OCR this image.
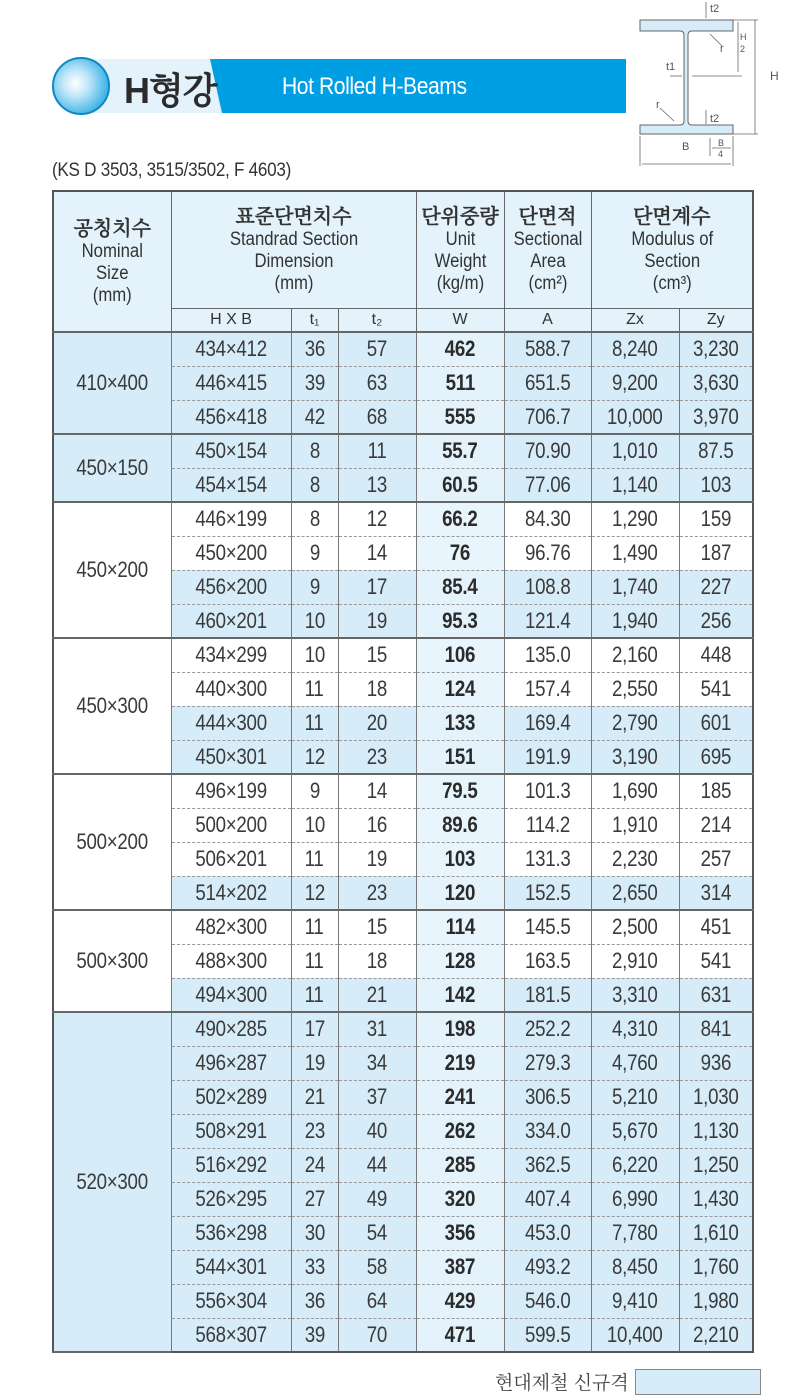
H형강	Hot Rolled H-Beams
t2
t1
r
r
H
2
H
t2
B	B
4
(KS D 3503, 3515/3502, F 4603)
공칭치수
Nominal
Size
(mm)	표준단면치수
Standrad Section
Dimension
(mm)			단위중량
Unit
Weight
(kg/m)	단면적
Sectional
Area
(cm²)	단면계수
Modulus of
Section
(cm³)	

	H X B	t₁	t₂	W	A	Zx	Zy
410×400	434×412	36	57	462	588.7	8,240	3,230
	446×415	39	63	511	651.5	9,200	3,630
	456×418	42	68	555	706.7	10,000	3,970
450×150	450×154	8	11	55.7	70.90	1,010	87.5
	454×154	8	13	60.5	77.06	1,140	103
450×200	446×199	8	12	66.2	84.30	1,290	159
	450×200	9	14	76	96.76	1,490	187
	456×200	9	17	85.4	108.8	1,740	227
	460×201	10	19	95.3	121.4	1,940	256
450×300	434×299	10	15	106	135.0	2,160	448
	440×300	11	18	124	157.4	2,550	541
	444×300	11	20	133	169.4	2,790	601
	450×301	12	23	151	191.9	3,190	695
500×200	496×199	9	14	79.5	101.3	1,690	185
	500×200	10	16	89.6	114.2	1,910	214
	506×201	11	19	103	131.3	2,230	257
	514×202	12	23	120	152.5	2,650	314
500×300	482×300	11	15	114	145.5	2,500	451
	488×300	11	18	128	163.5	2,910	541
	494×300	11	21	142	181.5	3,310	631
520×300	490×285	17	31	198	252.2	4,310	841
	496×287	19	34	219	279.3	4,760	936
	502×289	21	37	241	306.5	5,210	1,030
	508×291	23	40	262	334.0	5,670	1,130
	516×292	24	44	285	362.5	6,220	1,250
	526×295	27	49	320	407.4	6,990	1,430
	536×298	30	54	356	453.0	7,780	1,610
	544×301	33	58	387	493.2	8,450	1,760
	556×304	36	64	429	546.0	9,410	1,980
	568×307	39	70	471	599.5	10,400	2,210
현대제철 신규격
